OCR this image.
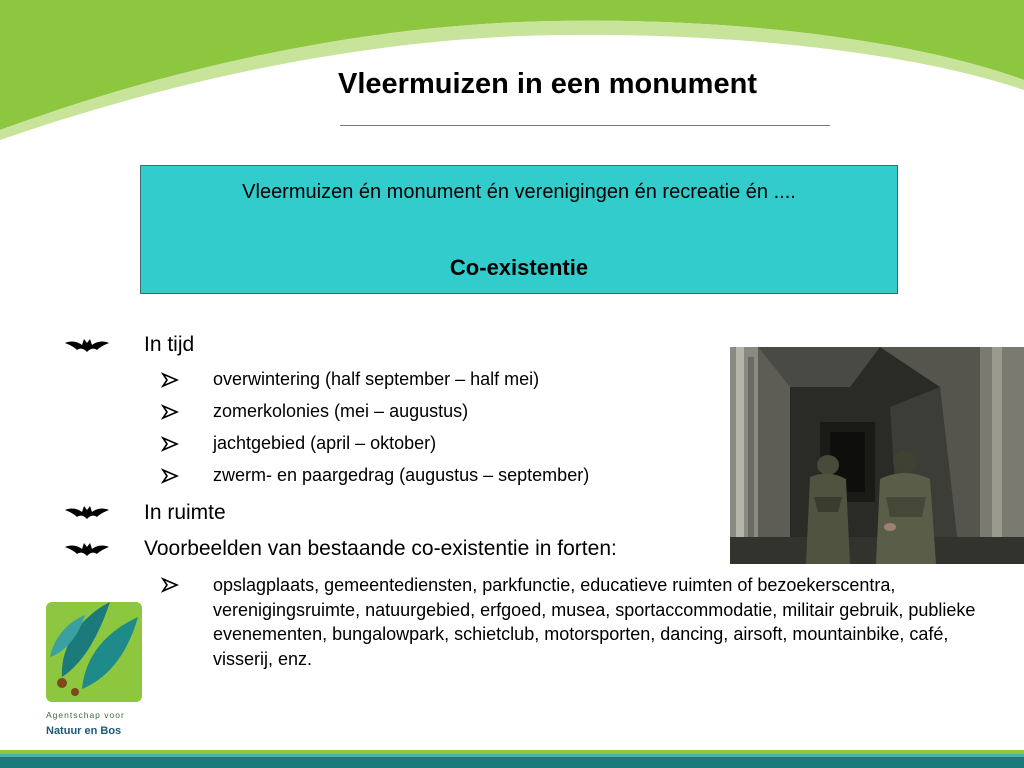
Vleermuizen in een monument
Vleermuizen én monument én verenigingen én recreatie én ....
Co-existentie
In tijd
overwintering (half september – half mei)
zomerkolonies (mei – augustus)
jachtgebied (april – oktober)
zwerm- en paargedrag (augustus – september)
In ruimte
Voorbeelden van bestaande co-existentie in forten:
opslagplaats, gemeentediensten, parkfunctie, educatieve ruimten of bezoekerscentra, verenigingsruimte, natuurgebied, erfgoed, musea, sportaccommodatie, militair gebruik, publieke evenementen, bungalowpark, schietclub, motorsporten, dancing, airsoft, mountainbike, café, visserij, enz.
Agentschap voor
Natuur en Bos
